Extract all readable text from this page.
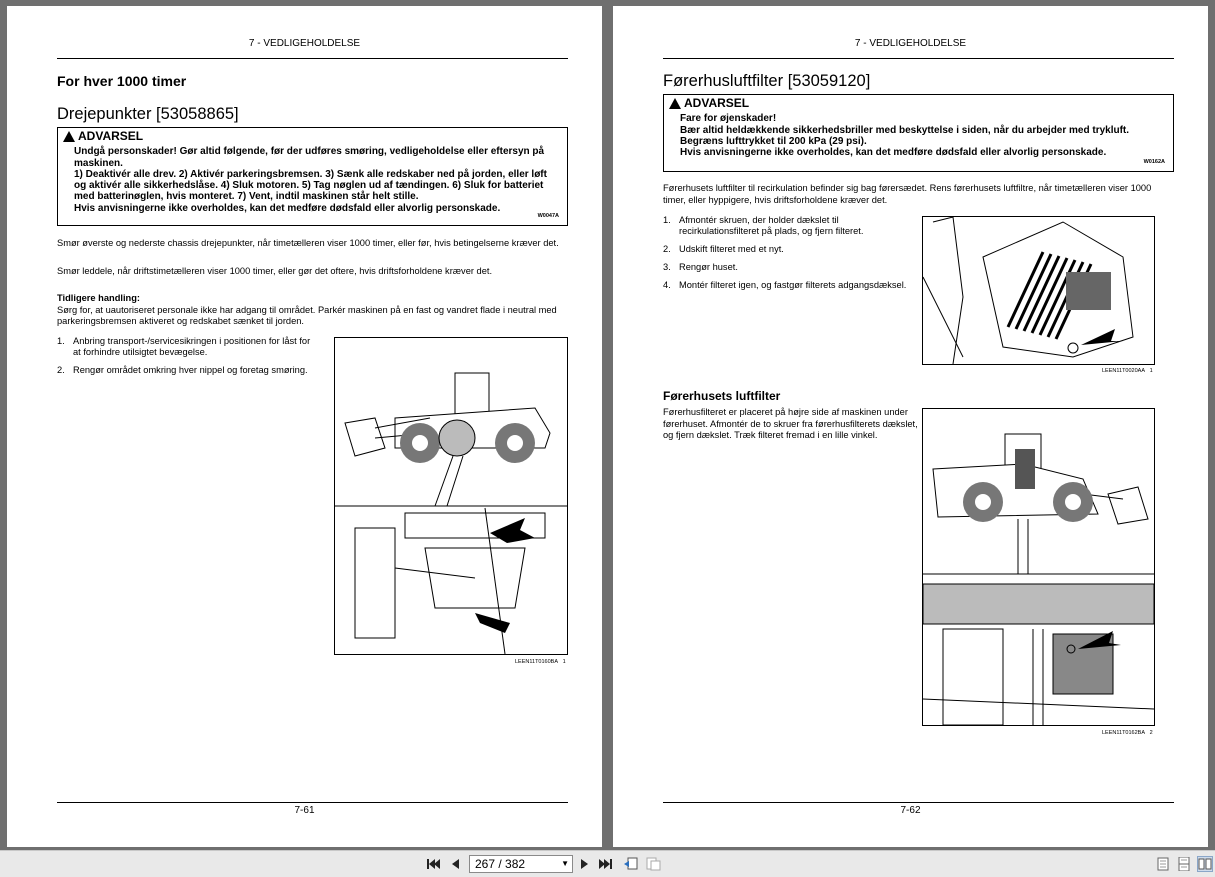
7 - VEDLIGEHOLDELSE
For hver 1000 timer
Drejepunkter [53058865]
ADVARSEL
Undgå personskader! Gør altid følgende, før der udføres smøring, vedligeholdelse eller eftersyn på maskinen.
1) Deaktivér alle drev. 2) Aktivér parkeringsbremsen. 3) Sænk alle redskaber ned på jorden, eller løft og aktivér alle sikkerhedslåse. 4) Sluk motoren. 5) Tag nøglen ud af tændingen. 6) Sluk for batteriet med batterinøglen, hvis monteret. 7) Vent, indtil maskinen står helt stille.
Hvis anvisningerne ikke overholdes, kan det medføre dødsfald eller alvorlig personskade.
W0047A
Smør øverste og nederste chassis drejepunkter, når timetælleren viser 1000 timer, eller før, hvis betingelserne kræver det.
Smør leddele, når driftstimetælleren viser 1000 timer, eller gør det oftere, hvis driftsforholdene kræver det.
Tidligere handling:
Sørg for, at uautoriseret personale ikke har adgang til området. Parkér maskinen på en fast og vandret flade i neutral med parkeringsbremsen aktiveret og redskabet sænket til jorden.
1. Anbring transport-/servicesikringen i positionen for låst for at forhindre utilsigtet bevægelse.
2. Rengør området omkring hver nippel og foretag smøring.
LEEN11T0160BA 1
7-61
7 - VEDLIGEHOLDELSE
Førerhusluftfilter [53059120]
ADVARSEL
Fare for øjenskader!
Bær altid heldækkende sikkerhedsbriller med beskyttelse i siden, når du arbejder med trykluft. Begræns lufttrykket til 200 kPa (29 psi).
Hvis anvisningerne ikke overholdes, kan det medføre dødsfald eller alvorlig personskade.
W0162A
Førerhusets luftfilter til recirkulation befinder sig bag førersædet. Rens førerhusets luftfiltre, når timetælleren viser 1000 timer, eller hyppigere, hvis driftsforholdene kræver det.
1. Afmontér skruen, der holder dækslet til recirkulationsfilteret på plads, og fjern filteret.
2. Udskift filteret med et nyt.
3. Rengør huset.
4. Montér filteret igen, og fastgør filterets adgangsdæksel.
LEEN11T0020AA 1
Førerhusets luftfilter
Førerhusfilteret er placeret på højre side af maskinen under førerhuset. Afmontér de to skruer fra førerhusfilterets dækslet, og fjern dækslet. Træk filteret fremad i en lille vinkel.
LEEN11T0162BA 2
7-62
267 / 382	▼
